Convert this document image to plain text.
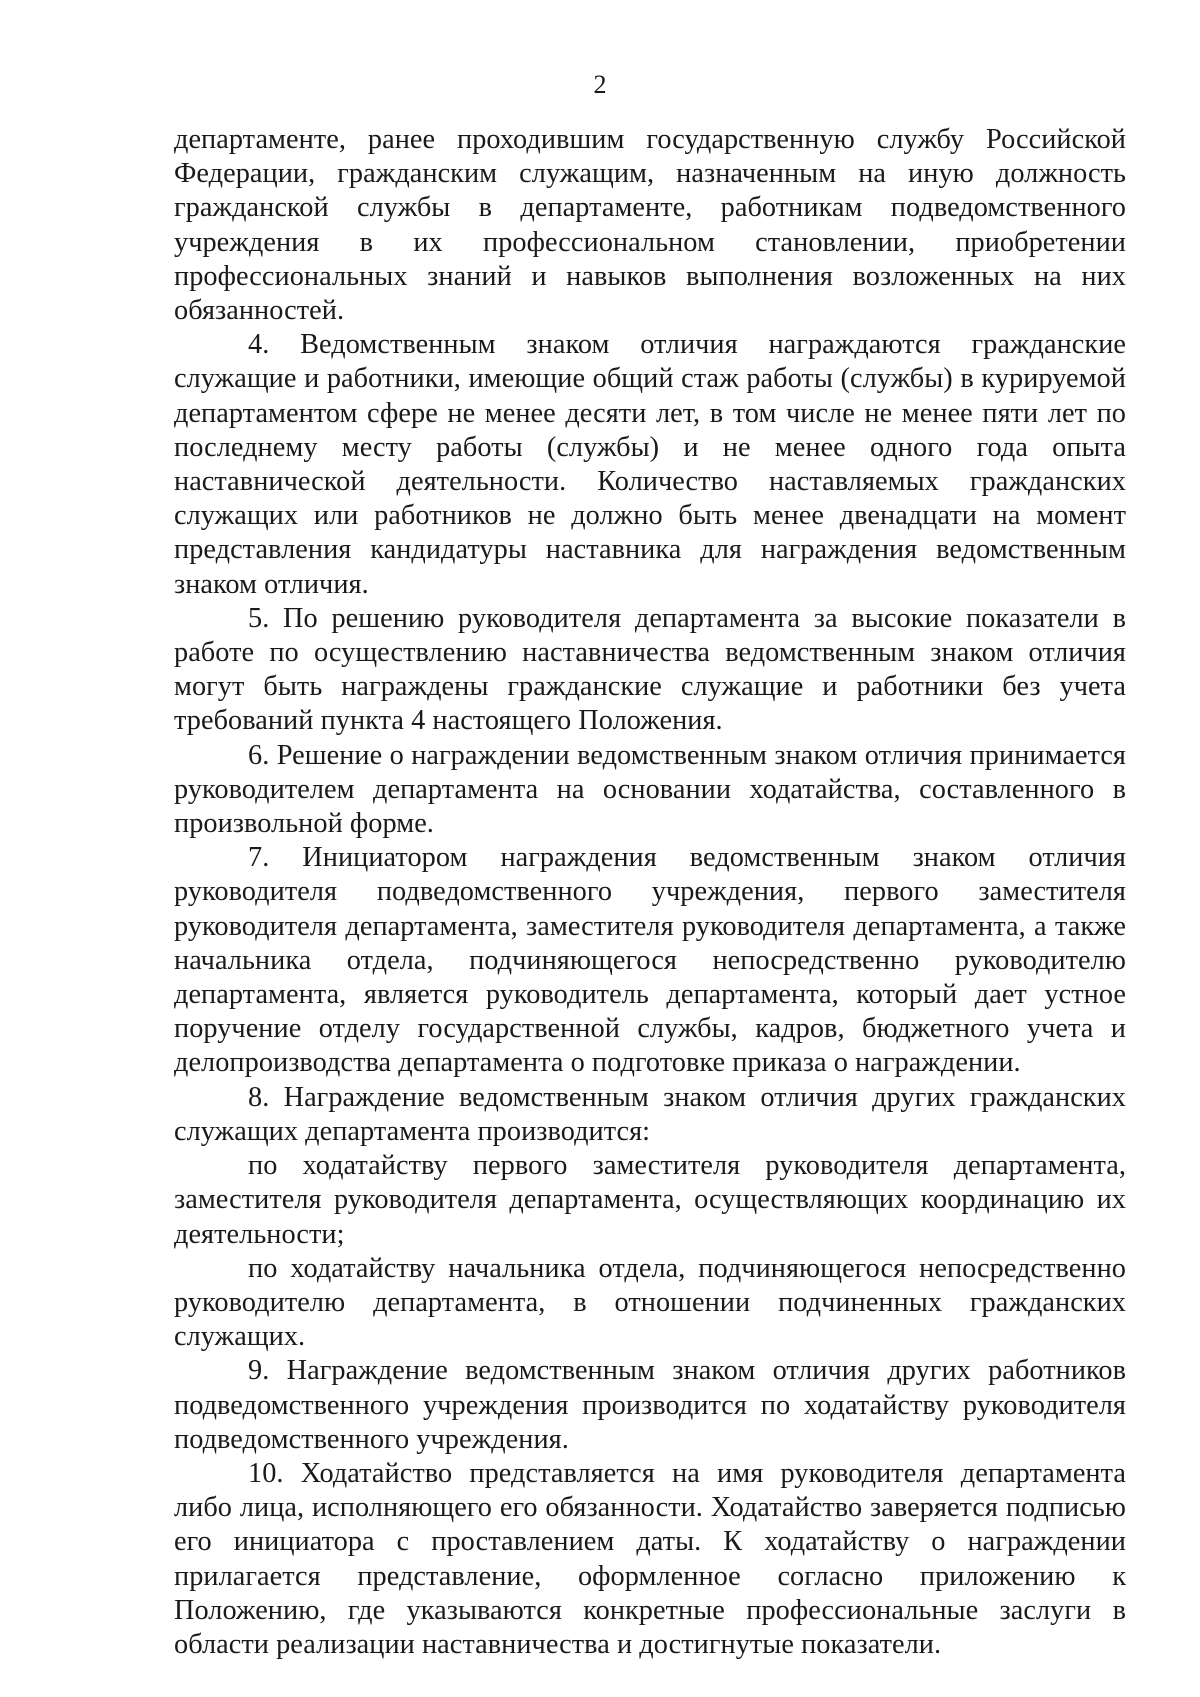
2

департаменте, ранее проходившим государственную службу Российской Федерации, гражданским служащим, назначенным на иную должность гражданской службы в департаменте, работникам подведомственного учреждения в их профессиональном становлении, приобретении профессиональных знаний и навыков выполнения возложенных на них обязанностей.

4. Ведомственным знаком отличия награждаются гражданские служащие и работники, имеющие общий стаж работы (службы) в курируемой департаментом сфере не менее десяти лет, в том числе не менее пяти лет по последнему месту работы (службы) и не менее одного года опыта наставнической деятельности. Количество наставляемых гражданских служащих или работников не должно быть менее двенадцати на момент представления кандидатуры наставника для награждения ведомственным знаком отличия.

5. По решению руководителя департамента за высокие показатели в работе по осуществлению наставничества ведомственным знаком отличия могут быть награждены гражданские служащие и работники без учета требований пункта 4 настоящего Положения.

6. Решение о награждении ведомственным знаком отличия принимается руководителем департамента на основании ходатайства, составленного в произвольной форме.

7. Инициатором награждения ведомственным знаком отличия руководителя подведомственного учреждения, первого заместителя руководителя департамента, заместителя руководителя департамента, а также начальника отдела, подчиняющегося непосредственно руководителю департамента, является руководитель департамента, который дает устное поручение отделу государственной службы, кадров, бюджетного учета и делопроизводства департамента о подготовке приказа о награждении.

8. Награждение ведомственным знаком отличия других гражданских служащих департамента производится:

по ходатайству первого заместителя руководителя департамента, заместителя руководителя департамента, осуществляющих координацию их деятельности;

по ходатайству начальника отдела, подчиняющегося непосредственно руководителю департамента, в отношении подчиненных гражданских служащих.

9. Награждение ведомственным знаком отличия других работников подведомственного учреждения производится по ходатайству руководителя подведомственного учреждения.

10. Ходатайство представляется на имя руководителя департамента либо лица, исполняющего его обязанности. Ходатайство заверяется подписью его инициатора с проставлением даты. К ходатайству о награждении прилагается представление, оформленное согласно приложению к Положению, где указываются конкретные профессиональные заслуги в области реализации наставничества и достигнутые показатели.
